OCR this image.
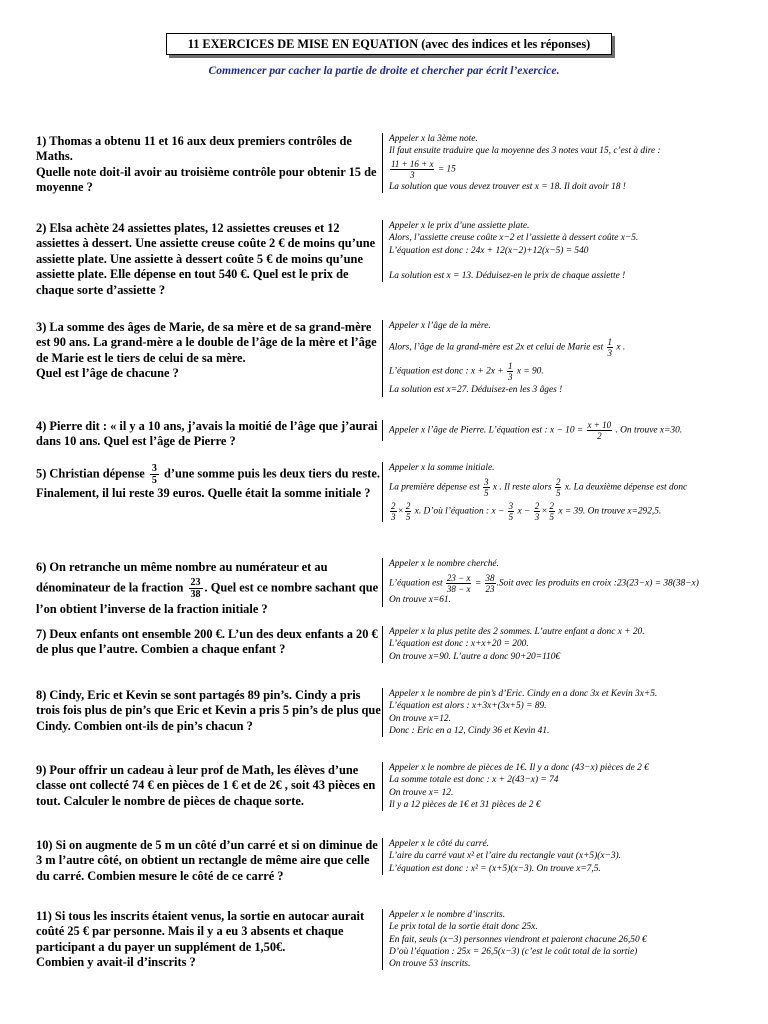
11 EXERCICES DE MISE EN EQUATION (avec des indices et les réponses)
Commencer par cacher la partie de droite et chercher par écrit l’exercice.
1) Thomas a obtenu 11 et 16 aux deux premiers contrôles de Maths.
Quelle note doit-il avoir au troisième contrôle pour obtenir 15 de moyenne ?
Appeler x la 3ème note.
Il faut ensuite traduire que la moyenne des 3 notes vaut 15, c’est à dire :
$\frac{11 + 16 + x}{3} = 15$
La solution que vous devez trouver est x = 18. Il doit avoir 18 !
2) Elsa achète 24 assiettes plates, 12 assiettes creuses et 12 assiettes à dessert. Une assiette creuse coûte 2 € de moins qu’une assiette plate. Une assiette à dessert coûte 5 € de moins qu’une assiette plate. Elle dépense en tout 540 €. Quel est le prix de chaque sorte d’assiette ?
Appeler x le prix d’une assiette plate.
Alors, l’assiette creuse coûte x−2 et l’assiette à dessert coûte x−5.
L’équation est donc : 24x + 12(x−2)+12(x−5) = 540
La solution est x = 13. Déduisez-en le prix de chaque assiette !
3) La somme des âges de Marie, de sa mère et de sa grand-mère est 90 ans. La grand-mère a le double de l’âge de la mère et l’âge de Marie est le tiers de celui de sa mère.
Quel est l’âge de chacune ?
Appeler x l’âge de la mère.
Alors, l’âge de la grand-mère est 2x et celui de Marie est $\frac{1}{3}$ x .
L’équation est donc : $x + 2x + \frac{1}{3}$ x = 90.
La solution est x=27. Déduisez-en les 3 âges !
4) Pierre dit : « il y a 10 ans, j’avais la moitié de l’âge que j’aurai dans 10 ans. Quel est l’âge de Pierre ?
Appeler x l’âge de Pierre. L’équation est : $x - 10 = \frac{x + 10}{2}$ . On trouve x=30.
5) Christian dépense $\frac{3}{5}$ d’une somme puis les deux tiers du reste. Finalement, il lui reste 39 euros. Quelle était la somme initiale ?
Appeler x la somme initiale.
La première dépense est $\frac{3}{5}$ x . Il reste alors $\frac{2}{5} x$. La deuxième dépense est donc
$\frac{2}{3} \times \frac{2}{5} x$. D’où l’équation : $x - \frac{3}{5}$ $x - \frac{2}{3} \times \frac{2}{5}$ x = 39. On trouve x=292,5.
6) On retranche un même nombre au numérateur et au dénominateur de la fraction $\frac{23}{38}$ . Quel est ce nombre sachant que l’on obtient l’inverse de la fraction initiale ?
Appeler x le nombre cherché.
L’équation est $\frac{23 - x}{38 - x} = \frac{38}{23}$ .Soit avec les produits en croix :23(23−x) = 38(38−x)
On trouve x=61.
7) Deux enfants ont ensemble 200 €. L’un des deux enfants a 20 € de plus que l’autre. Combien a chaque enfant ?
Appeler x la plus petite des 2 sommes. L’autre enfant a donc x + 20.
L’équation est donc : x+x+20 = 200.
On trouve x=90. L’autre a donc 90+20=110€
8) Cindy, Eric et Kevin se sont partagés 89 pin’s. Cindy a pris trois fois plus de pin’s que Eric et Kevin a pris 5 pin’s de plus que Cindy. Combien ont-ils de pin’s chacun ?
Appeler x le nombre de pin’s d’Eric. Cindy en a donc 3x et Kevin 3x+5.
L’équation est alors : x+3x+(3x+5) = 89.
On trouve x=12.
Donc : Eric en a 12, Cindy 36 et Kevin 41.
9) Pour offrir un cadeau à leur prof de Math, les élèves d’une classe ont collecté 74 € en pièces de 1 € et de 2€ , soit 43 pièces en tout. Calculer le nombre de pièces de chaque sorte.
Appeler x le nombre de pièces de 1€. Il y a donc (43−x) pièces de 2 €
La somme totale est donc : x + 2(43−x) = 74
On trouve x= 12.
Il y a 12 pièces de 1€ et 31 pièces de 2 €
10) Si on augmente de 5 m un côté d’un carré et si on diminue de 3 m l’autre côté, on obtient un rectangle de même aire que celle du carré. Combien mesure le côté de ce carré ?
Appeler x le côté du carré.
L’aire du carré vaut x² et l’aire du rectangle vaut (x+5)(x−3).
L’équation est donc : x² = (x+5)(x−3). On trouve x=7,5.
11) Si tous les inscrits étaient venus, la sortie en autocar aurait coûté 25 € par personne. Mais il y a eu 3 absents et chaque participant a du payer un supplément de 1,50€.
Combien y avait-il d’inscrits ?
Appeler x le nombre d’inscrits.
Le prix total de la sortie était donc 25x.
En fait, seuls (x−3) personnes viendront et paieront chacune 26,50 €
D’où l’équation : 25x = 26,5(x−3) (c’est le coût total de la sortie)
On trouve 53 inscrits.
